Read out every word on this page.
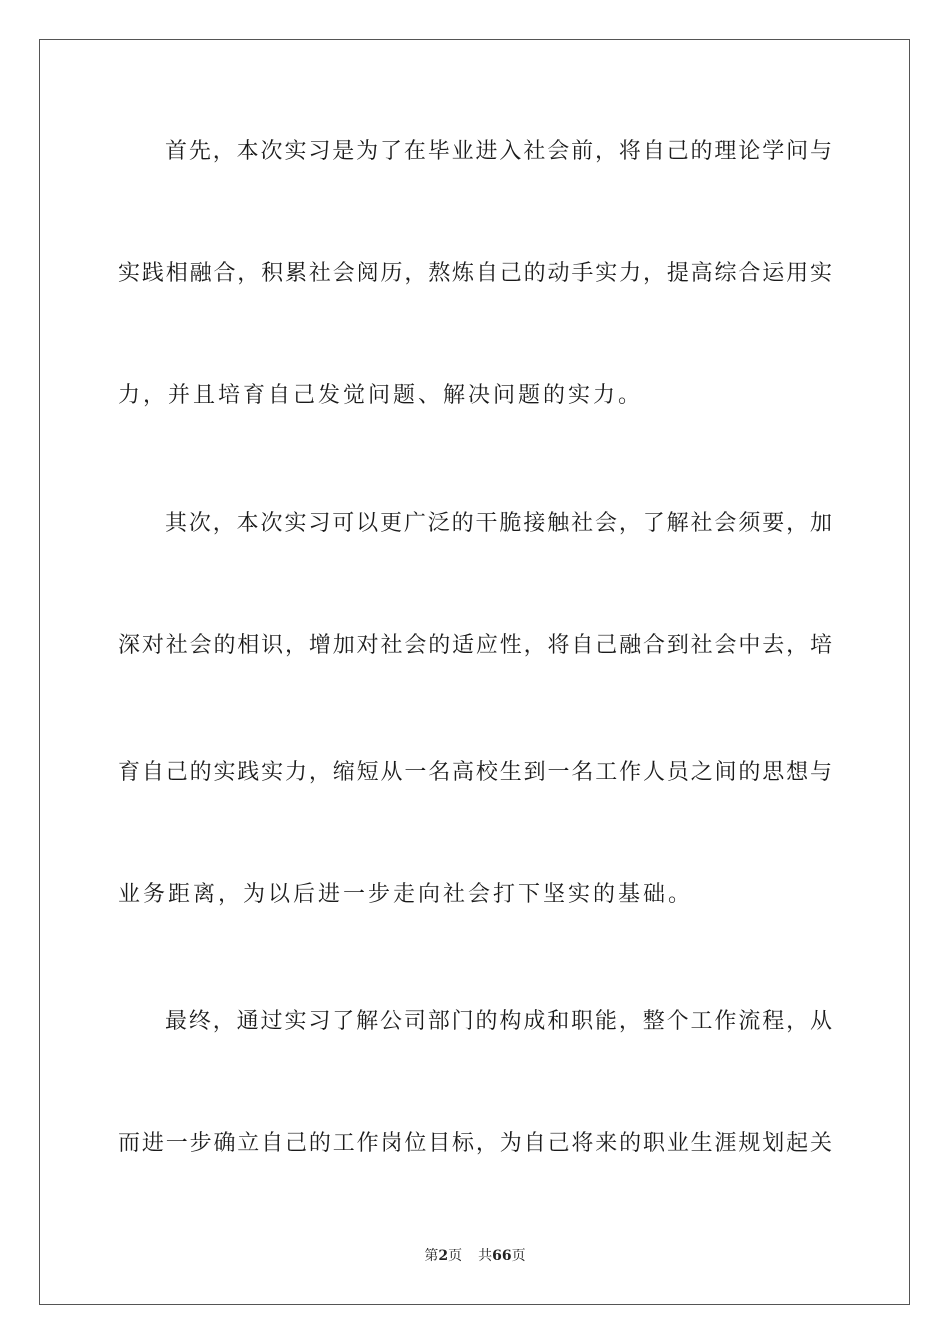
首先，本次实习是为了在毕业进入社会前，将自己的理论学问与
实践相融合，积累社会阅历，熬炼自己的动手实力，提高综合运用实
力，并且培育自己发觉问题、解决问题的实力。
其次，本次实习可以更广泛的干脆接触社会，了解社会须要，加
深对社会的相识，增加对社会的适应性，将自己融合到社会中去，培
育自己的实践实力，缩短从一名高校生到一名工作人员之间的思想与
业务距离，为以后进一步走向社会打下坚实的基础。
最终，通过实习了解公司部门的构成和职能，整个工作流程，从
而进一步确立自己的工作岗位目标，为自己将来的职业生涯规划起关
第2页 共66页
